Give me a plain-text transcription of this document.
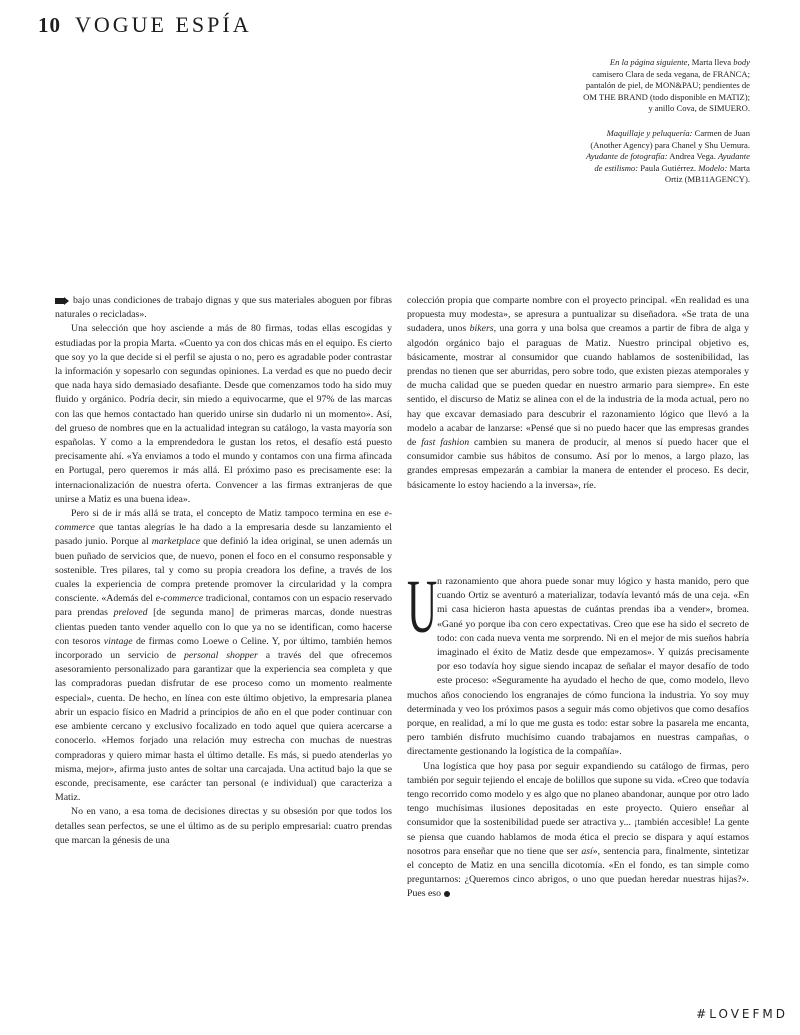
10 VOGUE ESPÍA

En la página siguiente, Marta lleva body camisero Clara de seda vegana, de FRANCA; pantalón de piel, de MON&PAU; pendientes de OM THE BRAND (todo disponible en MATIZ); y anillo Cova, de SIMUERO.

Maquillaje y peluquería: Carmen de Juan (Another Agency) para Chanel y Shu Uemura. Ayudante de fotografía: Andrea Vega. Ayudante de estilismo: Paula Gutiérrez. Modelo: Marta Ortiz (MB11AGENCY).

bajo unas condiciones de trabajo dignas y que sus materiales aboguen por fibras naturales o recicladas».

Una selección que hoy asciende a más de 80 firmas, todas ellas escogidas y estudiadas por la propia Marta. «Cuento ya con dos chicas más en el equipo. Es cierto que soy yo la que decide si el perfil se ajusta o no, pero es agradable poder contrastar la información y sopesarlo con segundas opiniones. La verdad es que no puedo decir que nada haya sido demasiado desafiante. Desde que comenzamos todo ha sido muy fluido y orgánico. Podría decir, sin miedo a equivocarme, que el 97% de las marcas con las que hemos contactado han querido unirse sin dudarlo ni un momento». Así, del grueso de nombres que en la actualidad integran su catálogo, la vasta mayoría son españolas. Y como a la emprendedora le gustan los retos, el desafío está puesto precisamente ahí. «Ya enviamos a todo el mundo y contamos con una firma afincada en Portugal, pero queremos ir más allá. El próximo paso es precisamente ese: la internacionalización de nuestra oferta. Convencer a las firmas extranjeras de que unirse a Matiz es una buena idea».

Pero si de ir más allá se trata, el concepto de Matiz tampoco termina en ese e-commerce que tantas alegrías le ha dado a la empresaria desde su lanzamiento el pasado junio. Porque al marketplace que definió la idea original, se unen además un buen puñado de servicios que, de nuevo, ponen el foco en el consumo responsable y sostenible. Tres pilares, tal y como su propia creadora los define, a través de los cuales la experiencia de compra pretende promover la circularidad y la compra consciente. «Además del e-commerce tradicional, contamos con un espacio reservado para prendas preloved [de segunda mano] de primeras marcas, donde nuestras clientas pueden tanto vender aquello con lo que ya no se identifican, como hacerse con tesoros vintage de firmas como Loewe o Celine. Y, por último, también hemos incorporado un servicio de personal shopper a través del que ofrecemos asesoramiento personalizado para garantizar que la experiencia sea completa y que las compradoras puedan disfrutar de ese proceso como un momento realmente especial», cuenta. De hecho, en línea con este último objetivo, la empresaria planea abrir un espacio físico en Madrid a principios de año en el que poder continuar con ese ambiente cercano y exclusivo focalizado en todo aquel que quiera acercarse a conocerlo. «Hemos forjado una relación muy estrecha con muchas de nuestras compradoras y quiero mimar hasta el último detalle. Es más, si puedo atenderlas yo misma, mejor», afirma justo antes de soltar una carcajada. Una actitud bajo la que se esconde, precisamente, ese carácter tan personal (e individual) que caracteriza a Matiz.

No en vano, a esa toma de decisiones directas y su obsesión por que todos los detalles sean perfectos, se une el último as de su periplo empresarial: cuatro prendas que marcan la génesis de una

colección propia que comparte nombre con el proyecto principal. «En realidad es una propuesta muy modesta», se apresura a puntualizar su diseñadora. «Se trata de una sudadera, unos bikers, una gorra y una bolsa que creamos a partir de fibra de alga y algodón orgánico bajo el paraguas de Matiz. Nuestro principal objetivo es, básicamente, mostrar al consumidor que cuando hablamos de sostenibilidad, las prendas no tienen que ser aburridas, pero sobre todo, que existen piezas atemporales y de mucha calidad que se pueden quedar en nuestro armario para siempre». En este sentido, el discurso de Matiz se alinea con el de la industria de la moda actual, pero no hay que excavar demasiado para descubrir el razonamiento lógico que llevó a la modelo a acabar de lanzarse: «Pensé que si no puedo hacer que las empresas grandes de fast fashion cambien su manera de producir, al menos sí puedo hacer que el consumidor cambie sus hábitos de consumo. Así por lo menos, a largo plazo, las grandes empresas empezarán a cambiar la manera de entender el proceso. Es decir, básicamente lo estoy haciendo a la inversa», ríe.

U n razonamiento que ahora puede sonar muy lógico y hasta manido, pero que cuando Ortiz se aventuró a materializar, todavía levantó más de una ceja. «En mi casa hicieron hasta apuestas de cuántas prendas iba a vender», bromea. «Gané yo porque iba con cero expectativas. Creo que ese ha sido el secreto de todo: con cada nueva venta me sorprendo. Ni en el mejor de mis sueños habría imaginado el éxito de Matiz desde que empezamos». Y quizás precisamente por eso todavía hoy sigue siendo incapaz de señalar el mayor desafío de todo este proceso: «Seguramente ha ayudado el hecho de que, como modelo, llevo muchos años conociendo los engranajes de cómo funciona la industria. Yo soy muy determinada y veo los próximos pasos a seguir más como objetivos que como desafíos porque, en realidad, a mí lo que me gusta es todo: estar sobre la pasarela me encanta, pero también disfruto muchísimo cuando trabajamos en nuestras campañas, o directamente gestionando la logística de la compañía».

Una logística que hoy pasa por seguir expandiendo su catálogo de firmas, pero también por seguir tejiendo el encaje de bolillos que supone su vida. «Creo que todavía tengo recorrido como modelo y es algo que no planeo abandonar, aunque por otro lado tengo muchísimas ilusiones depositadas en este proyecto. Quiero enseñar al consumidor que la sostenibilidad puede ser atractiva y... ¡también accesible! La gente se piensa que cuando hablamos de moda ética el precio se dispara y aquí estamos nosotros para enseñar que no tiene que ser así», sentencia para, finalmente, sintetizar el concepto de Matiz en una sencilla dicotomía. «En el fondo, es tan simple como preguntarnos: ¿Queremos cinco abrigos, o uno que puedan heredar nuestras hijas?». Pues eso

#LOVEFMD
